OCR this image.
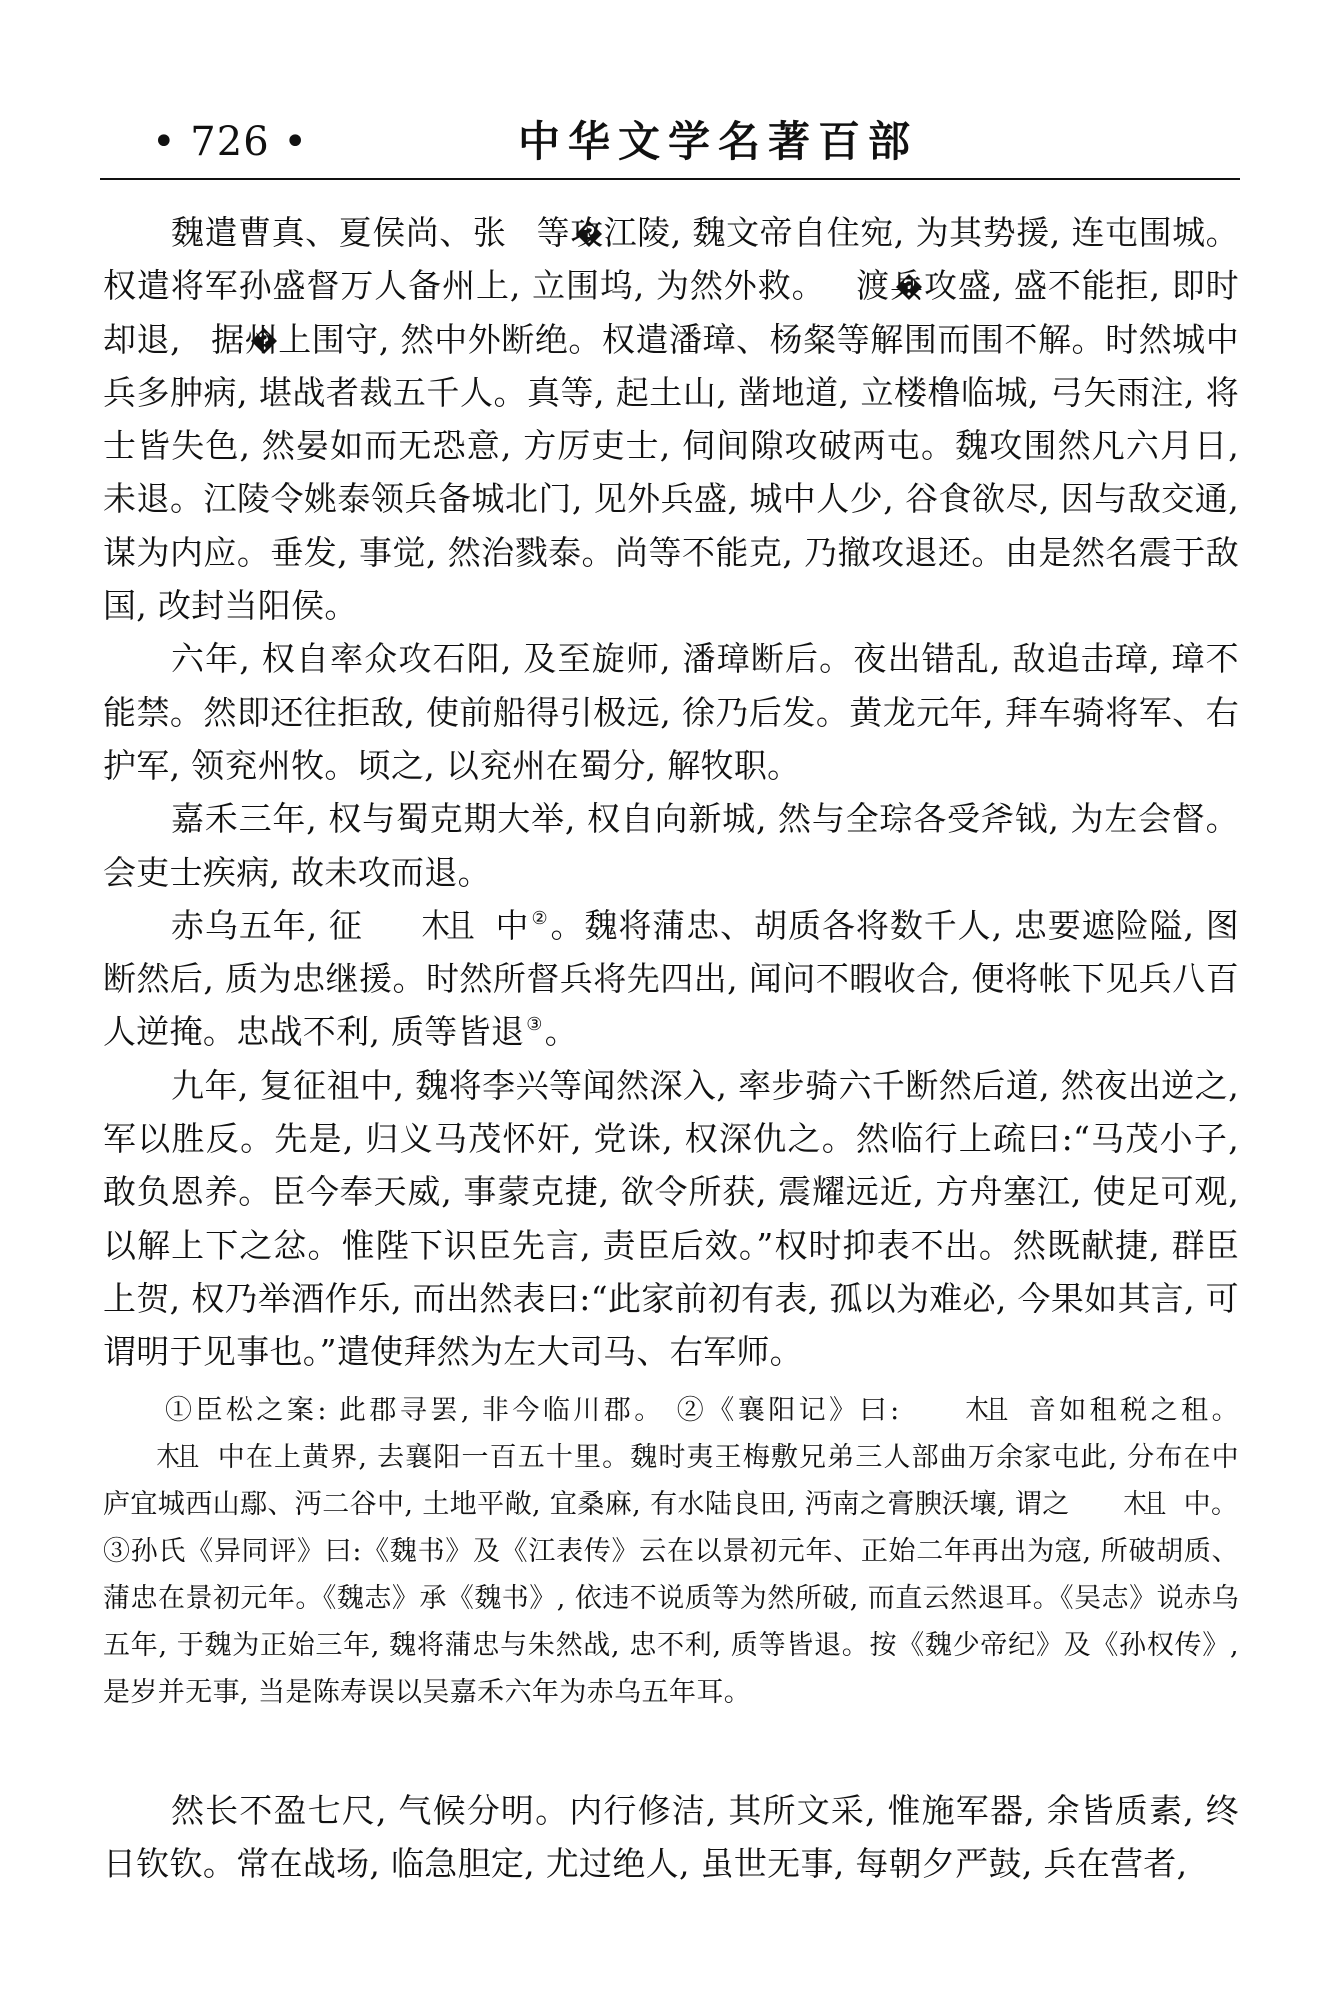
• 726 •	中华文学名著百部

魏遣曹真、夏侯尚、张 等攻江陵, 魏文帝自住宛, 为其势援, 连屯围城。权遣将军孙盛督万人备州上, 立围坞, 为然外救。 渡兵攻盛, 盛不能拒, 即时却退, 据州上围守, 然中外断绝。权遣潘璋、杨粲等解围而围不解。时然城中兵多肿病, 堪战者裁五千人。真等, 起土山, 凿地道, 立楼橹临城, 弓矢雨注, 将士皆失色, 然晏如而无恐意, 方厉吏士, 伺间隙攻破两屯。魏攻围然凡六月日, 未退。江陵令姚泰领兵备城北门, 见外兵盛, 城中人少, 谷食欲尽, 因与敌交通, 谋为内应。垂发, 事觉, 然治戮泰。尚等不能克, 乃撤攻退还。由是然名震于敌国, 改封当阳侯。

六年, 权自率众攻石阳, 及至旋师, 潘璋断后。夜出错乱, 敌追击璋, 璋不能禁。然即还往拒敌, 使前船得引极远, 徐乃后发。黄龙元年, 拜车骑将军、右护军, 领兖州牧。顷之, 以兖州在蜀分, 解牧职。

嘉禾三年, 权与蜀克期大举, 权自向新城, 然与全琮各受斧钺, 为左会督。会吏士疾病, 故未攻而退。

赤乌五年, 征 木且 中 ②。魏将蒲忠、胡质各将数千人, 忠要遮险隘, 图断然后, 质为忠继援。时然所督兵将先四出, 闻问不暇收合, 便将帐下见兵八百人逆掩。忠战不利, 质等皆退 ③。

九年, 复征祖中, 魏将李兴等闻然深入, 率步骑六千断然后道, 然夜出逆之, 军以胜反。先是, 归义马茂怀奸, 党诛, 权深仇之。然临行上疏曰:“马茂小子, 敢负恩养。臣今奉天威, 事蒙克捷, 欲令所获, 震耀远近, 方舟塞江, 使足可观, 以解上下之忿。惟陛下识臣先言, 责臣后效。”权时抑表不出。然既献捷, 群臣上贺, 权乃举酒作乐, 而出然表曰:“此家前初有表, 孤以为难必, 今果如其言, 可谓明于见事也。”遣使拜然为左大司马、右军师。

①臣松之案: 此郡寻罢, 非今临川郡。 ②《襄阳记》曰: 木且 音如租税之租。木且 中在上黄界, 去襄阳一百五十里。魏时夷王梅敷兄弟三人部曲万余家屯此, 分布在中庐宜城西山鄢、沔二谷中, 土地平敞, 宜桑麻, 有水陆良田, 沔南之膏腴沃壤, 谓之 木且 中。

③孙氏《异同评》曰:《魏书》及《江表传》云在以景初元年、正始二年再出为寇, 所破胡质、蒲忠在景初元年。《魏志》承《魏书》, 依违不说质等为然所破, 而直云然退耳。《吴志》说赤乌五年, 于魏为正始三年, 魏将蒲忠与朱然战, 忠不利, 质等皆退。按《魏少帝纪》及《孙权传》, 是岁并无事, 当是陈寿误以吴嘉禾六年为赤乌五年耳。

然长不盈七尺, 气候分明。内行修洁, 其所文采, 惟施军器, 余皆质素, 终日钦钦。常在战场, 临急胆定, 尤过绝人, 虽世无事, 每朝夕严鼓, 兵在营者,
